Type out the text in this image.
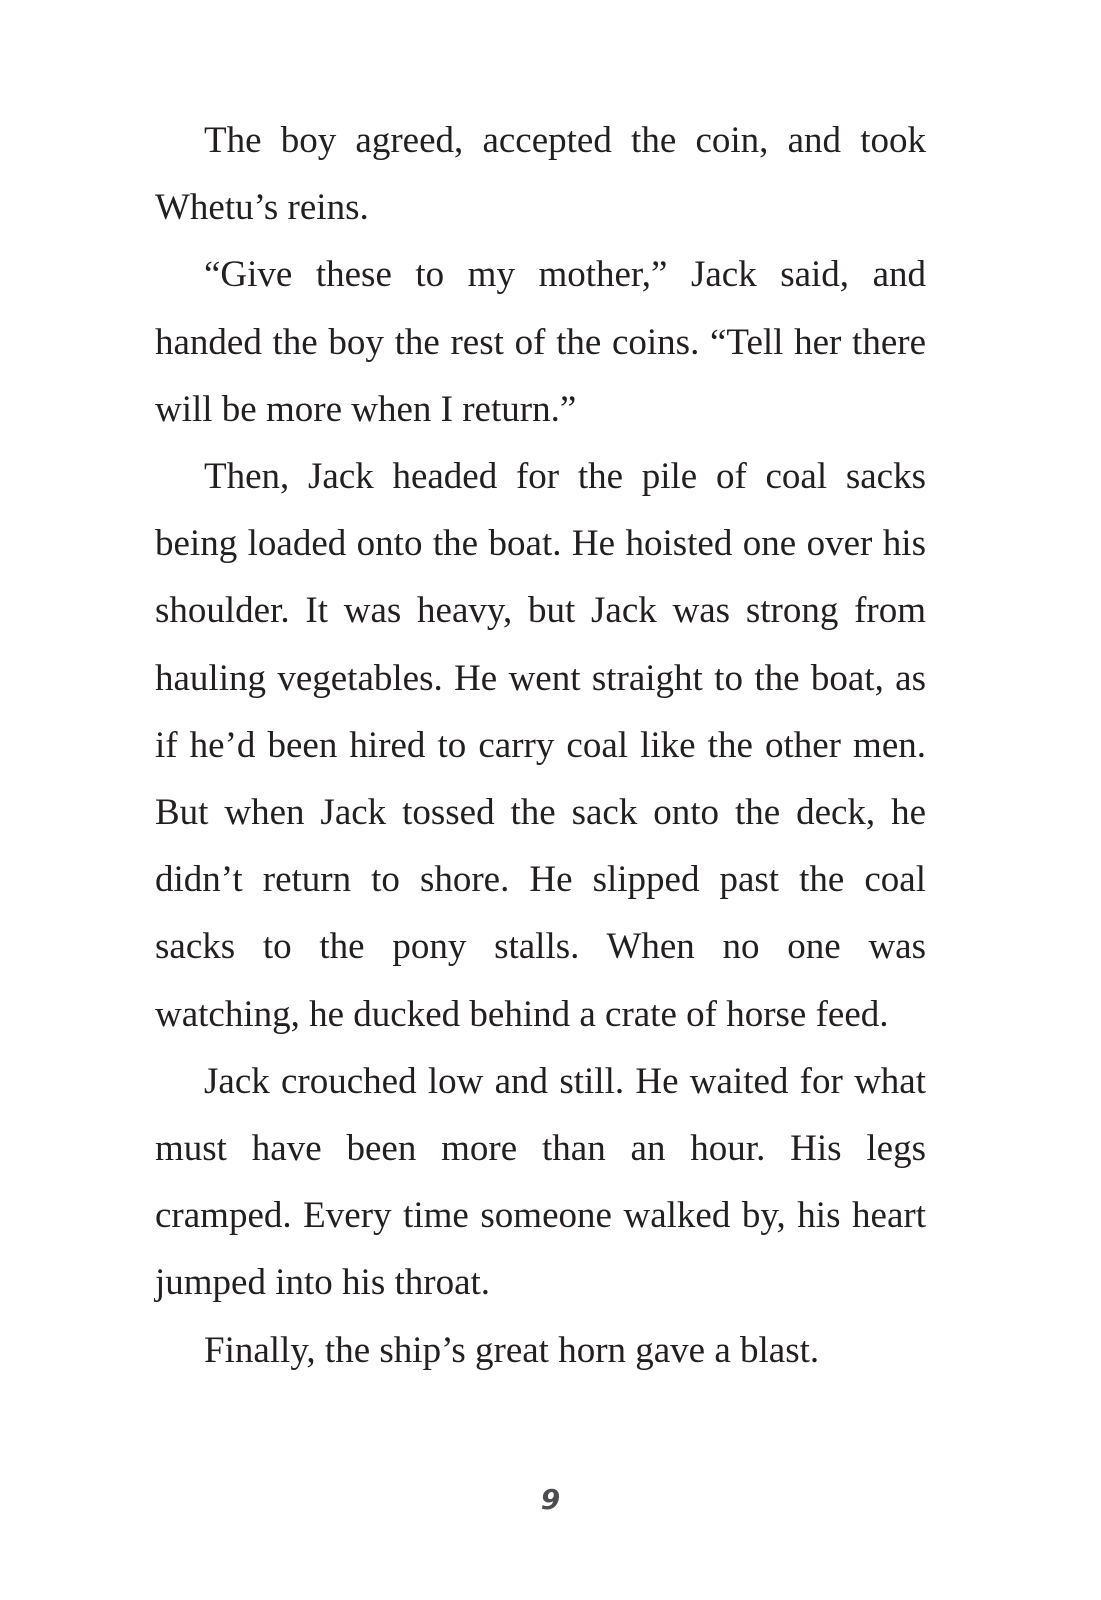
The boy agreed, accepted the coin, and took Whetu’s reins.

“Give these to my mother,” Jack said, and handed the boy the rest of the coins. “Tell her there will be more when I return.”

Then, Jack headed for the pile of coal sacks being loaded onto the boat. He hoisted one over his shoulder. It was heavy, but Jack was strong from hauling vegetables. He went straight to the boat, as if he’d been hired to carry coal like the other men. But when Jack tossed the sack onto the deck, he didn’t return to shore. He slipped past the coal sacks to the pony stalls. When no one was watching, he ducked behind a crate of horse feed.

Jack crouched low and still. He waited for what must have been more than an hour. His legs cramped. Every time someone walked by, his heart jumped into his throat.

Finally, the ship’s great horn gave a blast.

9
